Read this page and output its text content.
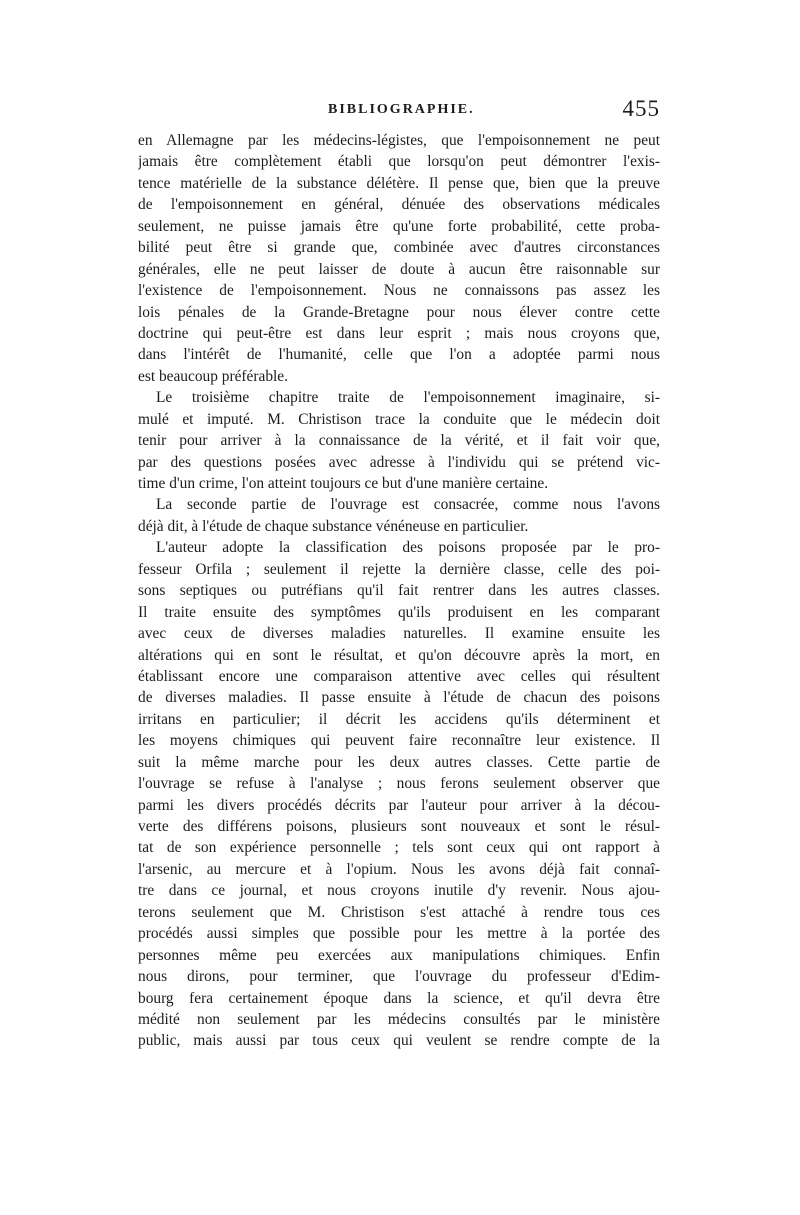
BIBLIOGRAPHIE.	455
en Allemagne par les médecins-légistes, que l'empoisonnement ne peut
jamais être complètement établi que lorsqu'on peut démontrer l'exis-
tence matérielle de la substance délétère. Il pense que, bien que la preuve
de l'empoisonnement en général, dénuée des observations médicales
seulement, ne puisse jamais être qu'une forte probabilité, cette proba-
bilité peut être si grande que, combinée avec d'autres circonstances
générales, elle ne peut laisser de doute à aucun être raisonnable sur
l'existence de l'empoisonnement. Nous ne connaissons pas assez les
lois pénales de la Grande-Bretagne pour nous élever contre cette
doctrine qui peut-être est dans leur esprit ; mais nous croyons que,
dans l'intérêt de l'humanité, celle que l'on a adoptée parmi nous
est beaucoup préférable.
Le troisième chapitre traite de l'empoisonnement imaginaire, si-
mulé et imputé. M. Christison trace la conduite que le médecin doit
tenir pour arriver à la connaissance de la vérité, et il fait voir que,
par des questions posées avec adresse à l'individu qui se prétend vic-
time d'un crime, l'on atteint toujours ce but d'une manière certaine.
La seconde partie de l'ouvrage est consacrée, comme nous l'avons
déjà dit, à l'étude de chaque substance vénéneuse en particulier.
L'auteur adopte la classification des poisons proposée par le pro-
fesseur Orfila ; seulement il rejette la dernière classe, celle des poi-
sons septiques ou putréfians qu'il fait rentrer dans les autres classes.
Il traite ensuite des symptômes qu'ils produisent en les comparant
avec ceux de diverses maladies naturelles. Il examine ensuite les
altérations qui en sont le résultat, et qu'on découvre après la mort, en
établissant encore une comparaison attentive avec celles qui résultent
de diverses maladies. Il passe ensuite à l'étude de chacun des poisons
irritans en particulier; il décrit les accidens qu'ils déterminent et
les moyens chimiques qui peuvent faire reconnaître leur existence. Il
suit la même marche pour les deux autres classes. Cette partie de
l'ouvrage se refuse à l'analyse ; nous ferons seulement observer que
parmi les divers procédés décrits par l'auteur pour arriver à la décou-
verte des différens poisons, plusieurs sont nouveaux et sont le résul-
tat de son expérience personnelle ; tels sont ceux qui ont rapport à
l'arsenic, au mercure et à l'opium. Nous les avons déjà fait connaî-
tre dans ce journal, et nous croyons inutile d'y revenir. Nous ajou-
terons seulement que M. Christison s'est attaché à rendre tous ces
procédés aussi simples que possible pour les mettre à la portée des
personnes même peu exercées aux manipulations chimiques. Enfin
nous dirons, pour terminer, que l'ouvrage du professeur d'Edim-
bourg fera certainement époque dans la science, et qu'il devra être
médité non seulement par les médecins consultés par le ministère
public, mais aussi par tous ceux qui veulent se rendre compte de la
